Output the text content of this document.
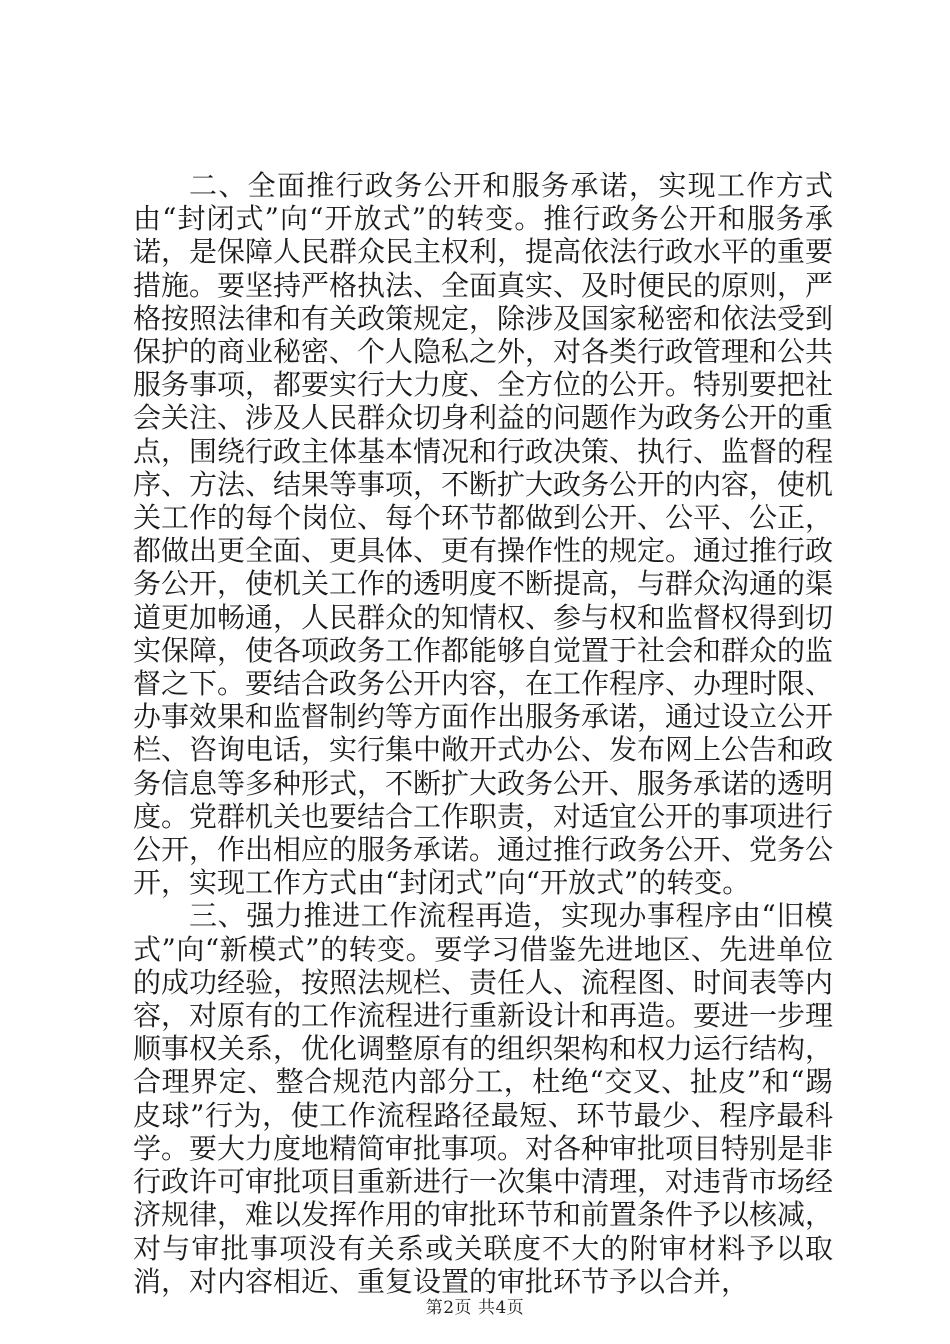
二、全面推行政务公开和服务承诺，实现工作方式由“封闭式”向“开放式”的转变。推行政务公开和服务承诺，是保障人民群众民主权利，提高依法行政水平的重要措施。要坚持严格执法、全面真实、及时便民的原则，严格按照法律和有关政策规定，除涉及国家秘密和依法受到保护的商业秘密、个人隐私之外，对各类行政管理和公共服务事项，都要实行大力度、全方位的公开。特别要把社会关注、涉及人民群众切身利益的问题作为政务公开的重点，围绕行政主体基本情况和行政决策、执行、监督的程序、方法、结果等事项，不断扩大政务公开的内容，使机关工作的每个岗位、每个环节都做到公开、公平、公正，都做出更全面、更具体、更有操作性的规定。通过推行政务公开，使机关工作的透明度不断提高，与群众沟通的渠道更加畅通，人民群众的知情权、参与权和监督权得到切实保障，使各项政务工作都能够自觉置于社会和群众的监督之下。要结合政务公开内容，在工作程序、办理时限、办事效果和监督制约等方面作出服务承诺，通过设立公开栏、咨询电话，实行集中敞开式办公、发布网上公告和政务信息等多种形式，不断扩大政务公开、服务承诺的透明度。党群机关也要结合工作职责，对适宜公开的事项进行公开，作出相应的服务承诺。通过推行政务公开、党务公开，实现工作方式由“封闭式”向“开放式”的转变。

三、强力推进工作流程再造，实现办事程序由“旧模式”向“新模式”的转变。要学习借鉴先进地区、先进单位的成功经验，按照法规栏、责任人、流程图、时间表等内容，对原有的工作流程进行重新设计和再造。要进一步理顺事权关系，优化调整原有的组织架构和权力运行结构，合理界定、整合规范内部分工，杜绝“交叉、扯皮”和“踢皮球”行为，使工作流程路径最短、环节最少、程序最科学。要大力度地精简审批事项。对各种审批项目特别是非行政许可审批项目重新进行一次集中清理，对违背市场经济规律，难以发挥作用的审批环节和前置条件予以核减，对与审批事项没有关系或关联度不大的附审材料予以取消，对内容相近、重复设置的审批环节予以合并，

第2页 共4页
